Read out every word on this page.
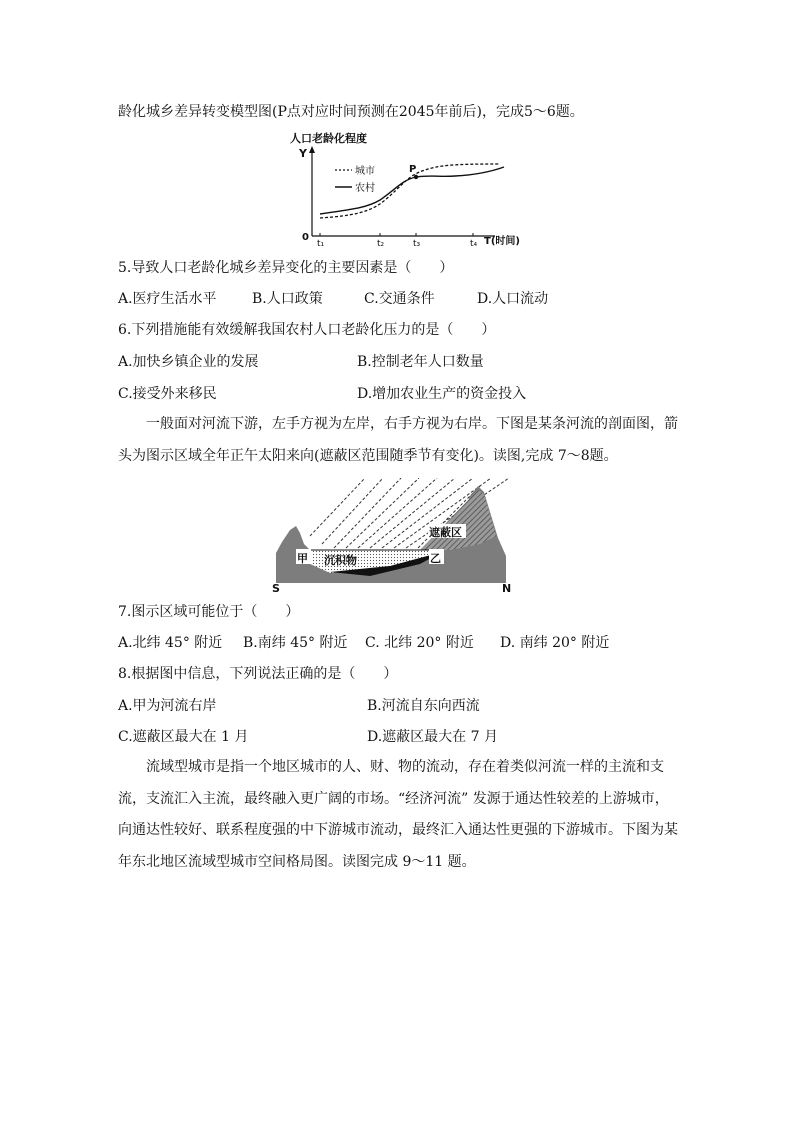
龄化城乡差异转变模型图(P点对应时间预测在2045年前后)，完成5～6题。
人口老龄化程度
Y
0	T(时间)
t₁	t₂	t₃	t₄
城市
农村
P
5.导致人口老龄化城乡差异变化的主要因素是（　　）
A.医疗生活水平	B.人口政策	C.交通条件	D.人口流动
6.下列措施能有效缓解我国农村人口老龄化压力的是（　　）
A.加快乡镇企业的发展	B.控制老年人口数量
C.接受外来移民	D.增加农业生产的资金投入
一般面对河流下游，左手方视为左岸，右手方视为右岸。下图是某条河流的剖面图，箭头为图示区域全年正午太阳来向(遮蔽区范围随季节有变化)。读图,完成 7～8题。
遮蔽区
甲	乙
沉积物
S	N
7.图示区域可能位于（　　）
A.北纬 45° 附近 B.南纬 45° 附近 C. 北纬 20° 附近 D. 南纬 20° 附近
8.根据图中信息，下列说法正确的是（　　）
A.甲为河流右岸	B.河流自东向西流
C.遮蔽区最大在 1 月	D.遮蔽区最大在 7 月
流域型城市是指一个地区城市的人、财、物的流动，存在着类似河流一样的主流和支流，支流汇入主流，最终融入更广阔的市场。“经济河流” 发源于通达性较差的上游城市，向通达性较好、联系程度强的中下游城市流动，最终汇入通达性更强的下游城市。下图为某年东北地区流域型城市空间格局图。读图完成 9～11 题。
